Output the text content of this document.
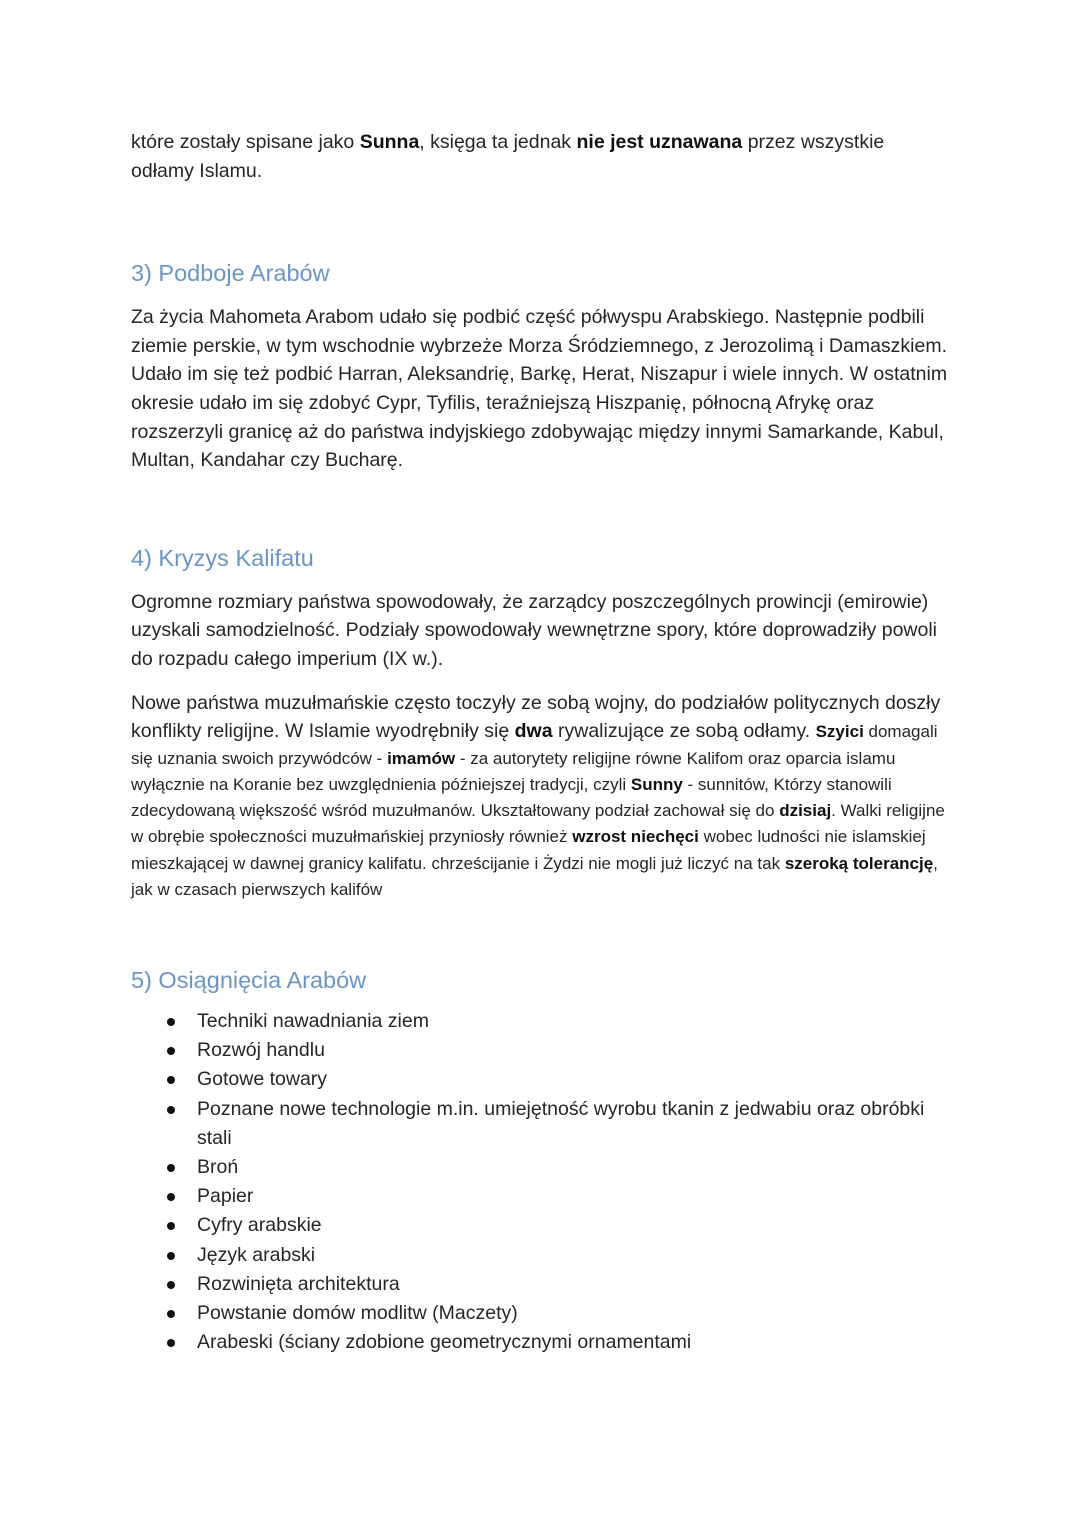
które zostały spisane jako Sunna, księga ta jednak nie jest uznawana przez wszystkie odłamy Islamu.

3) Podboje Arabów

Za życia Mahometa Arabom udało się podbić część półwyspu Arabskiego. Następnie podbili ziemie perskie, w tym wschodnie wybrzeże Morza Śródziemnego, z Jerozolimą i Damaszkiem. Udało im się też podbić Harran, Aleksandrię, Barkę, Herat, Niszapur i wiele innych. W ostatnim okresie udało im się zdobyć Cypr, Tyfilis, teraźniejszą Hiszpanię, północną Afrykę oraz rozszerzyli granicę aż do państwa indyjskiego zdobywając między innymi Samarkande, Kabul, Multan, Kandahar czy Bucharę.

4) Kryzys Kalifatu

Ogromne rozmiary państwa spowodowały, że zarządcy poszczególnych prowincji (emirowie) uzyskali samodzielność. Podziały spowodowały wewnętrzne spory, które doprowadziły powoli do rozpadu całego imperium (IX w.).

Nowe państwa muzułmańskie często toczyły ze sobą wojny, do podziałów politycznych doszły konflikty religijne. W Islamie wyodrębniły się dwa rywalizujące ze sobą odłamy. Szyici domagali się uznania swoich przywódców - imamów - za autorytety religijne równe Kalifom oraz oparcia islamu wyłącznie na Koranie bez uwzględnienia późniejszej tradycji, czyli Sunny - sunnitów, Którzy stanowili zdecydowaną większość wśród muzułmanów. Ukształtowany podział zachował się do dzisiaj. Walki religijne w obrębie społeczności muzułmańskiej przyniosły również wzrost niechęci wobec ludności nie islamskiej mieszkającej w dawnej granicy kalifatu. chrześcijanie i Żydzi nie mogli już liczyć na tak szeroką tolerancję, jak w czasach pierwszych kalifów

5) Osiągnięcia Arabów
Techniki nawadniania ziem
Rozwój handlu
Gotowe towary
Poznane nowe technologie m.in. umiejętność wyrobu tkanin z jedwabiu oraz obróbki stali
Broń
Papier
Cyfry arabskie
Język arabski
Rozwinięta architektura
Powstanie domów modlitw (Maczety)
Arabeski (ściany zdobione geometrycznymi ornamentami
